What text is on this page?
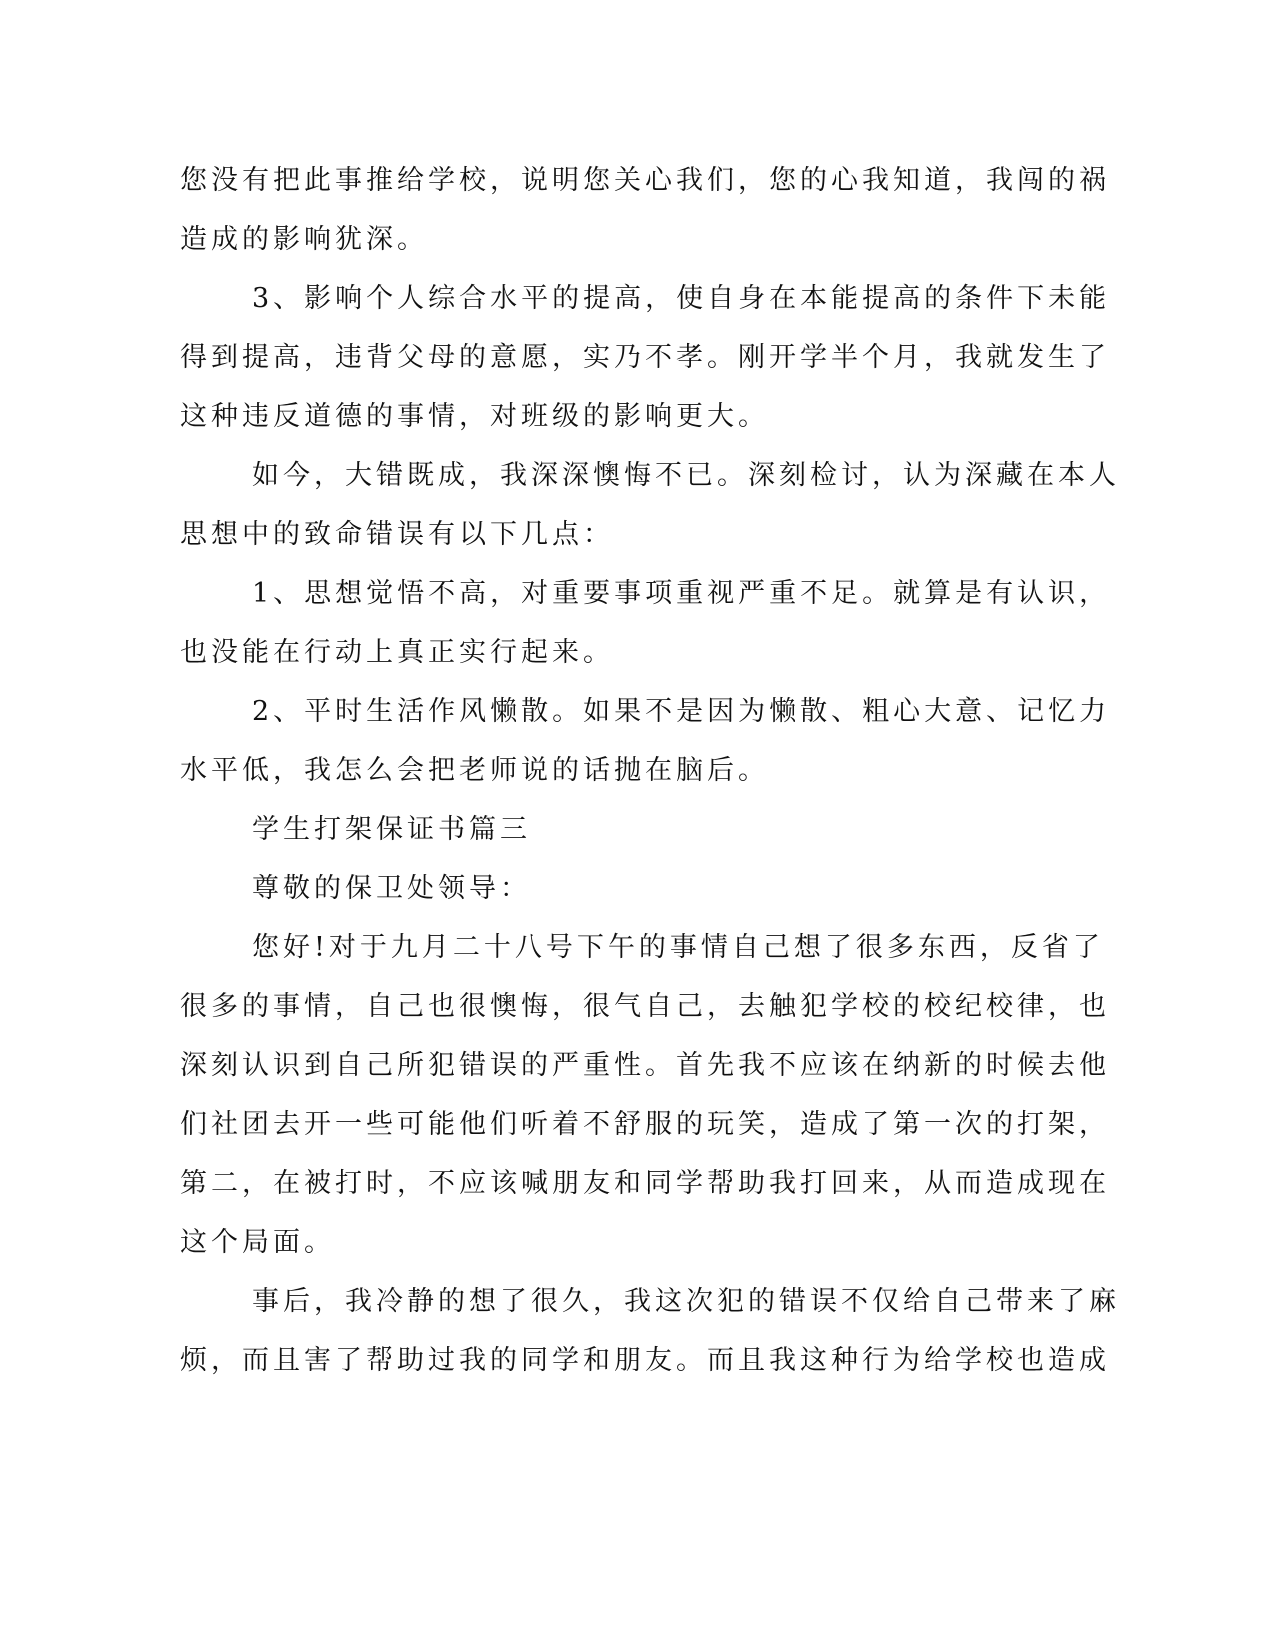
您没有把此事推给学校，说明您关心我们，您的心我知道，我闯的祸
造成的影响犹深。
3、影响个人综合水平的提高，使自身在本能提高的条件下未能
得到提高，违背父母的意愿，实乃不孝。刚开学半个月，我就发生了
这种违反道德的事情，对班级的影响更大。
如今，大错既成，我深深懊悔不已。深刻检讨，认为深藏在本人
思想中的致命错误有以下几点：
1、思想觉悟不高，对重要事项重视严重不足。就算是有认识，
也没能在行动上真正实行起来。
2、平时生活作风懒散。如果不是因为懒散、粗心大意、记忆力
水平低，我怎么会把老师说的话抛在脑后。
学生打架保证书篇三
尊敬的保卫处领导：
您好!对于九月二十八号下午的事情自己想了很多东西，反省了
很多的事情，自己也很懊悔，很气自己，去触犯学校的校纪校律，也
深刻认识到自己所犯错误的严重性。首先我不应该在纳新的时候去他
们社团去开一些可能他们听着不舒服的玩笑，造成了第一次的打架，
第二，在被打时，不应该喊朋友和同学帮助我打回来，从而造成现在
这个局面。
事后，我冷静的想了很久，我这次犯的错误不仅给自己带来了麻
烦，而且害了帮助过我的同学和朋友。而且我这种行为给学校也造成
